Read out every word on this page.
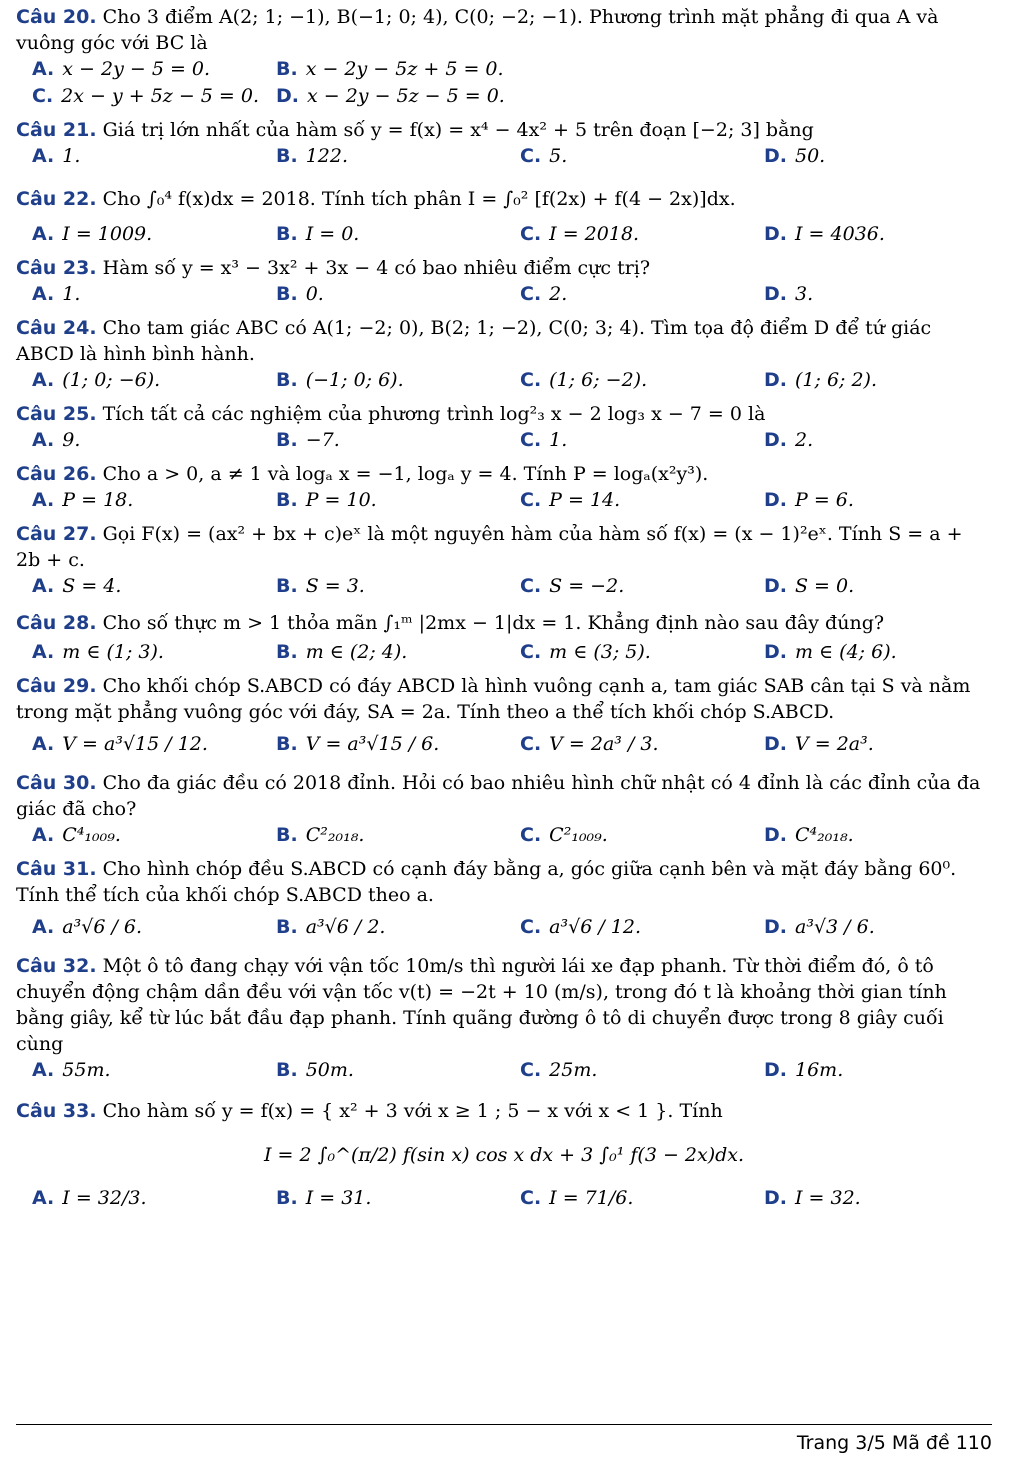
Câu 20. Cho 3 điểm A(2; 1; −1), B(−1; 0; 4), C(0; −2; −1). Phương trình mặt phẳng đi qua A và vuông góc với BC là
A. x − 2y − 5 = 0.	B. x − 2y − 5z + 5 = 0.
C. 2x − y + 5z − 5 = 0. D. x − 2y − 5z − 5 = 0.
Câu 21. Giá trị lớn nhất của hàm số y = f(x) = x⁴ − 4x² + 5 trên đoạn [−2; 3] bằng
A. 1.	B. 122.	C. 5.	D. 50.
Câu 22. Cho ∫₀⁴ f(x)dx = 2018. Tính tích phân I = ∫₀² [f(2x) + f(4 − 2x)]dx.
A. I = 1009.	B. I = 0.	C. I = 2018.	D. I = 4036.
Câu 23. Hàm số y = x³ − 3x² + 3x − 4 có bao nhiêu điểm cực trị?
A. 1.	B. 0.	C. 2.	D. 3.
Câu 24. Cho tam giác ABC có A(1; −2; 0), B(2; 1; −2), C(0; 3; 4). Tìm tọa độ điểm D để tứ giác ABCD là hình bình hành.
A. (1; 0; −6).	B. (−1; 0; 6).	C. (1; 6; −2).	D. (1; 6; 2).
Câu 25. Tích tất cả các nghiệm của phương trình log²₃ x − 2 log₃ x − 7 = 0 là
A. 9.	B. −7.	C. 1.	D. 2.
Câu 26. Cho a > 0, a ≠ 1 và logₐ x = −1, logₐ y = 4. Tính P = logₐ(x²y³).
A. P = 18.	B. P = 10.	C. P = 14.	D. P = 6.
Câu 27. Gọi F(x) = (ax² + bx + c)eˣ là một nguyên hàm của hàm số f(x) = (x − 1)²eˣ. Tính S = a + 2b + c.
A. S = 4.	B. S = 3.	C. S = −2.	D. S = 0.
Câu 28. Cho số thực m > 1 thỏa mãn ∫₁ᵐ |2mx − 1|dx = 1. Khẳng định nào sau đây đúng?
A. m ∈ (1; 3).	B. m ∈ (2; 4).	C. m ∈ (3; 5).	D. m ∈ (4; 6).
Câu 29. Cho khối chóp S.ABCD có đáy ABCD là hình vuông cạnh a, tam giác SAB cân tại S và nằm trong mặt phẳng vuông góc với đáy, SA = 2a. Tính theo a thể tích khối chóp S.ABCD.
A. V = a³√15 / 12.	B. V = a³√15 / 6.	C. V = 2a³ / 3.	D. V = 2a³.
Câu 30. Cho đa giác đều có 2018 đỉnh. Hỏi có bao nhiêu hình chữ nhật có 4 đỉnh là các đỉnh của đa giác đã cho?
A. C⁴₁₀₀₉.	B. C²₂₀₁₈.	C. C²₁₀₀₉.	D. C⁴₂₀₁₈.
Câu 31. Cho hình chóp đều S.ABCD có cạnh đáy bằng a, góc giữa cạnh bên và mặt đáy bằng 60⁰. Tính thể tích của khối chóp S.ABCD theo a.
A. a³√6 / 6.	B. a³√6 / 2.	C. a³√6 / 12.	D. a³√3 / 6.
Câu 32. Một ô tô đang chạy với vận tốc 10m/s thì người lái xe đạp phanh. Từ thời điểm đó, ô tô chuyển động chậm dần đều với vận tốc v(t) = −2t + 10 (m/s), trong đó t là khoảng thời gian tính bằng giây, kể từ lúc bắt đầu đạp phanh. Tính quãng đường ô tô di chuyển được trong 8 giây cuối cùng
A. 55m.	B. 50m.	C. 25m.	D. 16m.
Câu 33. Cho hàm số y = f(x) = { x² + 3 với x ≥ 1 ; 5 − x với x < 1 }. Tính
I = 2 ∫₀^(π/2) f(sin x) cos x dx + 3 ∫₀¹ f(3 − 2x)dx.
A. I = 32/3.	B. I = 31.	C. I = 71/6.	D. I = 32.
Trang 3/5 Mã đề 110
